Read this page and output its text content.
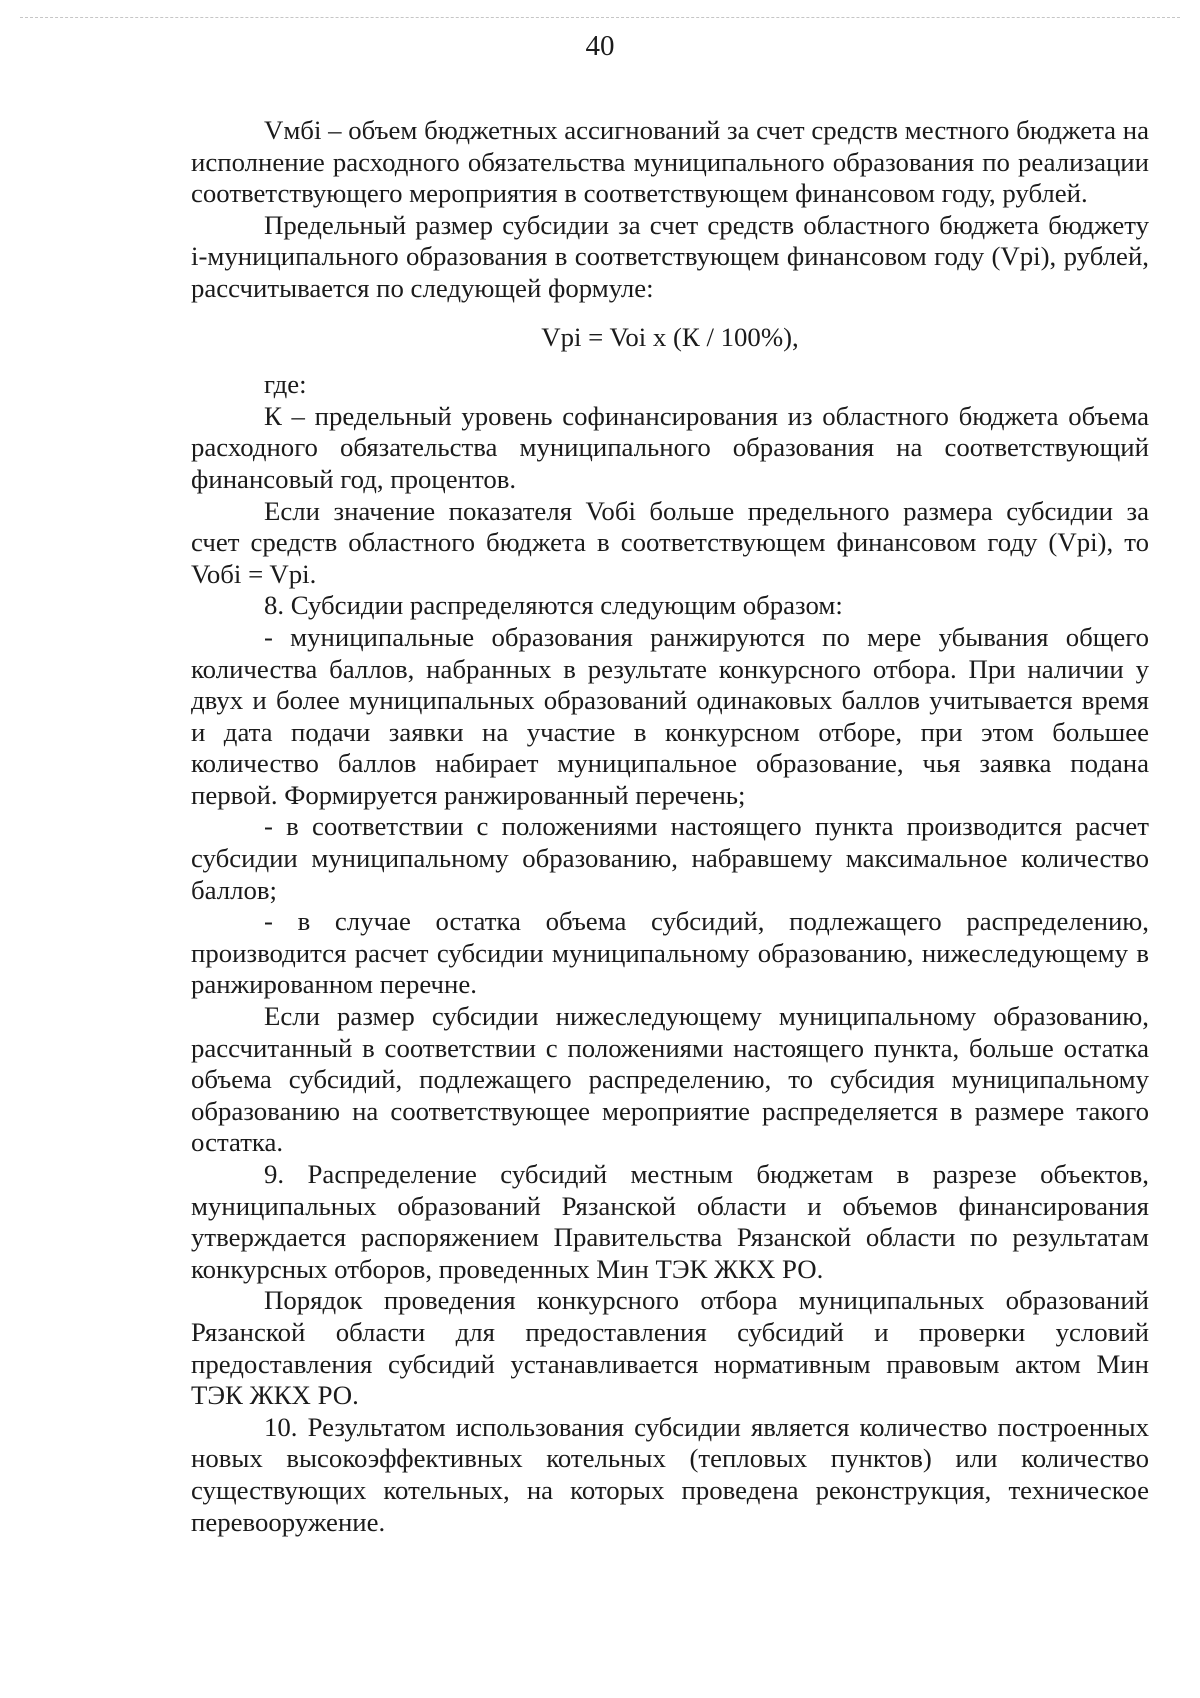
40

Vмбi – объем бюджетных ассигнований за счет средств местного бюджета на исполнение расходного обязательства муниципального образования по реализации соответствующего мероприятия в соответствующем финансовом году, рублей.

Предельный размер субсидии за счет средств областного бюджета бюджету i-муниципального образования в соответствующем финансовом году (Vpi), рублей, рассчитывается по следующей формуле:

Vpi = Voi x (К / 100%),

где:

К – предельный уровень софинансирования из областного бюджета объема расходного обязательства муниципального образования на соответствующий финансовый год, процентов.

Если значение показателя Voбi больше предельного размера субсидии за счет средств областного бюджета в соответствующем финансовом году (Vpi), то Voбi = Vpi.

8. Субсидии распределяются следующим образом:

- муниципальные образования ранжируются по мере убывания общего количества баллов, набранных в результате конкурсного отбора. При наличии у двух и более муниципальных образований одинаковых баллов учитывается время и дата подачи заявки на участие в конкурсном отборе, при этом большее количество баллов набирает муниципальное образование, чья заявка подана первой. Формируется ранжированный перечень;

- в соответствии с положениями настоящего пункта производится расчет субсидии муниципальному образованию, набравшему максимальное количество баллов;

- в случае остатка объема субсидий, подлежащего распределению, производится расчет субсидии муниципальному образованию, нижеследующему в ранжированном перечне.

Если размер субсидии нижеследующему муниципальному образованию, рассчитанный в соответствии с положениями настоящего пункта, больше остатка объема субсидий, подлежащего распределению, то субсидия муниципальному образованию на соответствующее мероприятие распределяется в размере такого остатка.

9. Распределение субсидий местным бюджетам в разрезе объектов, муниципальных образований Рязанской области и объемов финансирования утверждается распоряжением Правительства Рязанской области по результатам конкурсных отборов, проведенных Мин ТЭК ЖКХ РО.

Порядок проведения конкурсного отбора муниципальных образований Рязанской области для предоставления субсидий и проверки условий предоставления субсидий устанавливается нормативным правовым актом Мин ТЭК ЖКХ РО.

10. Результатом использования субсидии является количество построенных новых высокоэффективных котельных (тепловых пунктов) или количество существующих котельных, на которых проведена реконструкция, техническое перевооружение.
